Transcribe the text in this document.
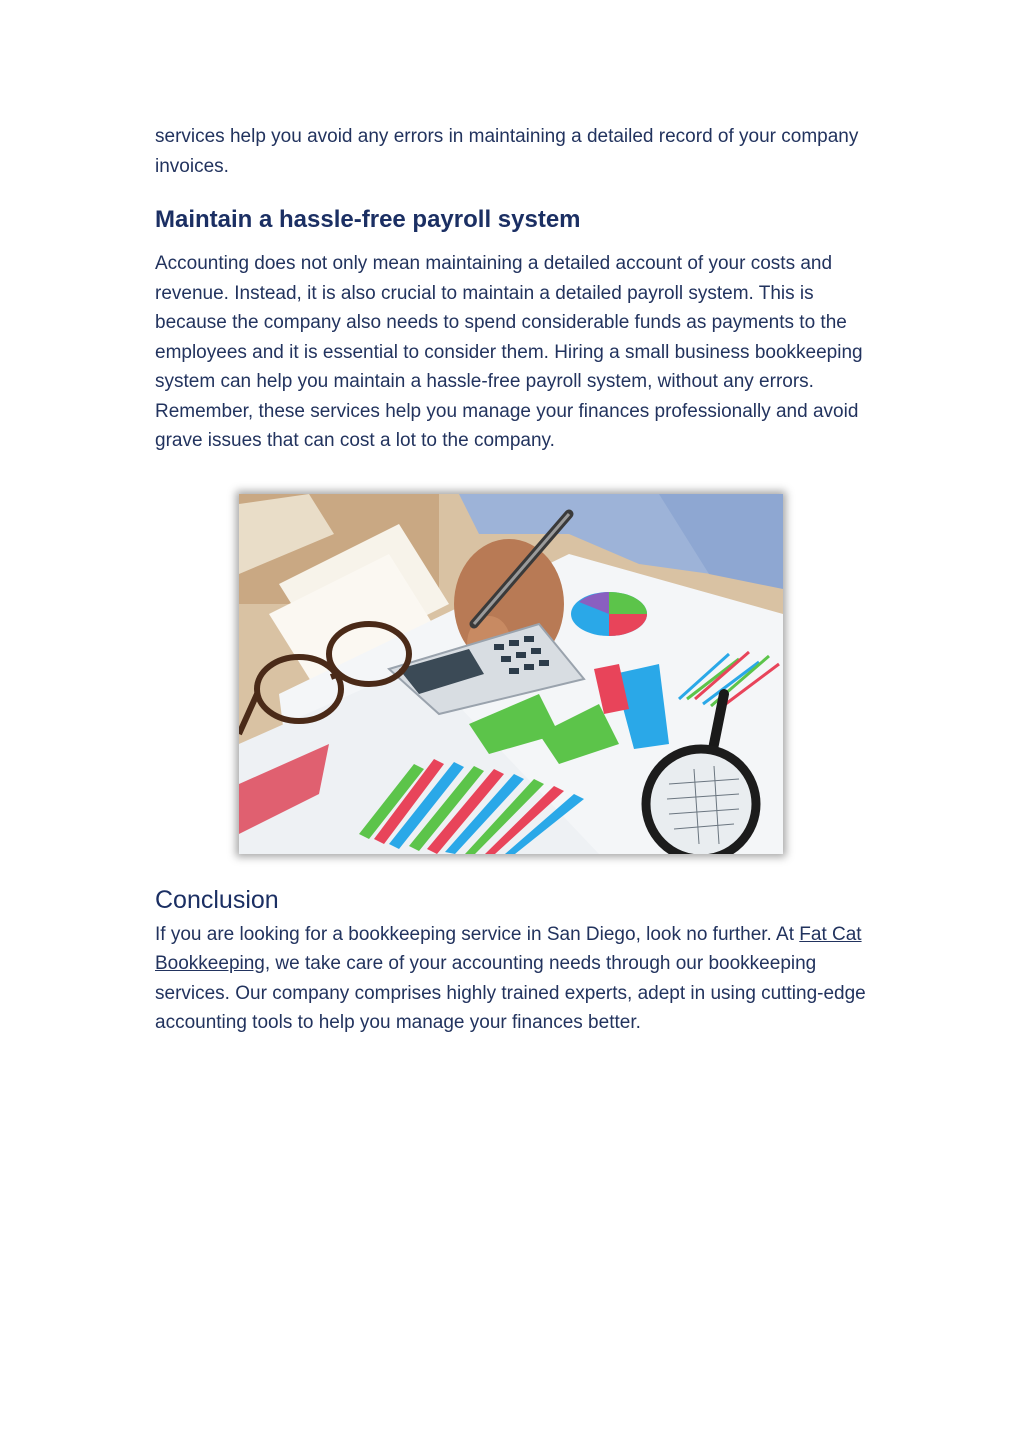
services help you avoid any errors in maintaining a detailed record of your company invoices.

Maintain a hassle-free payroll system

Accounting does not only mean maintaining a detailed account of your costs and revenue. Instead, it is also crucial to maintain a detailed payroll system. This is because the company also needs to spend considerable funds as payments to the employees and it is essential to consider them. Hiring a small business bookkeeping system can help you maintain a hassle-free payroll system, without any errors. Remember, these services help you manage your finances professionally and avoid grave issues that can cost a lot to the company.

Conclusion

If you are looking for a bookkeeping service in San Diego, look no further. At Fat Cat Bookkeeping, we take care of your accounting needs through our bookkeeping services. Our company comprises highly trained experts, adept in using cutting-edge accounting tools to help you manage your finances better.
